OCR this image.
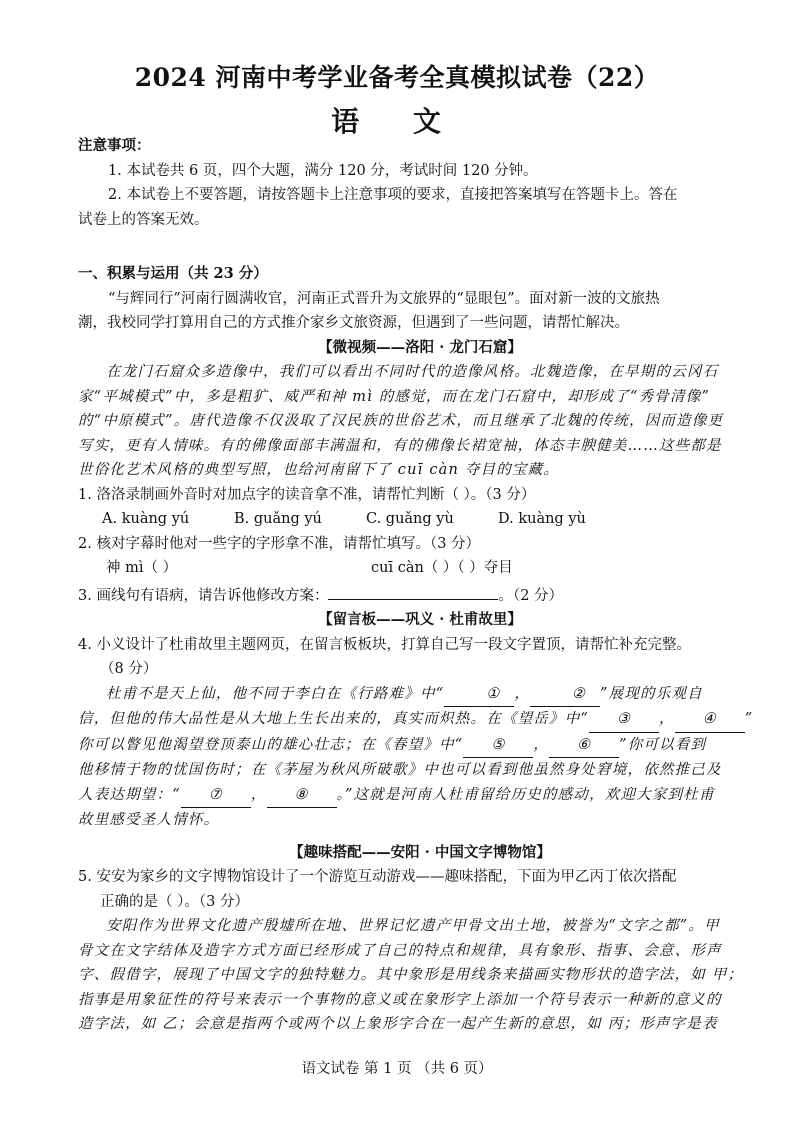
2024 河南中考学业备考全真模拟试卷（22）
语 文

注意事项：

1. 本试卷共 6 页，四个大题，满分 120 分，考试时间 120 分钟。

2. 本试卷上不要答题，请按答题卡上注意事项的要求，直接把答案填写在答题卡上。答在

试卷上的答案无效。

一、积累与运用（共 23 分）

“与辉同行”河南行圆满收官，河南正式晋升为文旅界的“显眼包”。面对新一波的文旅热

潮，我校同学打算用自己的方式推介家乡文旅资源，但遇到了一些问题，请帮忙解决。

【微视频——洛阳 · 龙门石窟】

在龙门石窟众多造像中，我们可以看出不同时代的造像风格。北魏造像，在早期的云冈石

家“平城模式”中，多是粗犷、威严和神 mì 的感觉，而在龙门石窟中，却形成了“秀骨清像”

的“中原模式”。唐代造像不仅汲取了汉民族的世俗艺术，而且继承了北魏的传统，因而造像更

写实，更有人情味。有的佛像面部丰满温和，有的佛像长裙宽袖，体态丰腴健美……这些都是

世俗化艺术风格的典型写照，也给河南留下了 cuī càn 夺目的宝藏。

1. 洛洛录制画外音时对加点字的读音拿不准，请帮忙判断（ ）。（3 分）

A. kuàng yú	B. guǎng yú	C. guǎng yù	D. kuàng yù

2. 核对字幕时他对一些字的字形拿不准，请帮忙填写。（3 分）

神 mì（ ）	cuī càn（ ）（ ）夺目

3. 画线句有语病，请告诉他修改方案：	。（2 分）

【留言板——巩义 · 杜甫故里】

4. 小义设计了杜甫故里主题网页，在留言板板块，打算自己写一段文字置顶，请帮忙补充完整。

（8 分）

杜甫不是天上仙，他不同于李白在《行路难》中“	① ，	② ”展现的乐观自

信，但他的伟大品性是从大地上生长出来的，真实而炽热。在《望岳》中“ ③ ， ④ ”

你可以瞥见他渴望登顶泰山的雄心壮志；在《春望》中“ ⑤ ， ⑥ ”你可以看到

他移情于物的忧国伤时；在《茅屋为秋风所破歌》中也可以看到他虽然身处窘境，依然推己及

人表达期望：“ ⑦ ， ⑧ 。”这就是河南人杜甫留给历史的感动，欢迎大家到杜甫

故里感受圣人情怀。

【趣味搭配——安阳 · 中国文字博物馆】

5. 安安为家乡的文字博物馆设计了一个游览互动游戏——趣味搭配，下面为甲乙丙丁依次搭配

正确的是（ ）。（3 分）

安阳作为世界文化遗产殷墟所在地、世界记忆遗产甲骨文出土地，被誉为“文字之都”。甲

骨文在文字结体及造字方式方面已经形成了自己的特点和规律，具有象形、指事、会意、形声

字、假借字，展现了中国文字的独特魅力。其中象形是用线条来描画实物形状的造字法，如 甲；

指事是用象征性的符号来表示一个事物的意义或在象形字上添加一个符号表示一种新的意义的

造字法，如 乙；会意是指两个或两个以上象形字合在一起产生新的意思，如 丙；形声字是表

语文试卷 第 1 页 （共 6 页）
